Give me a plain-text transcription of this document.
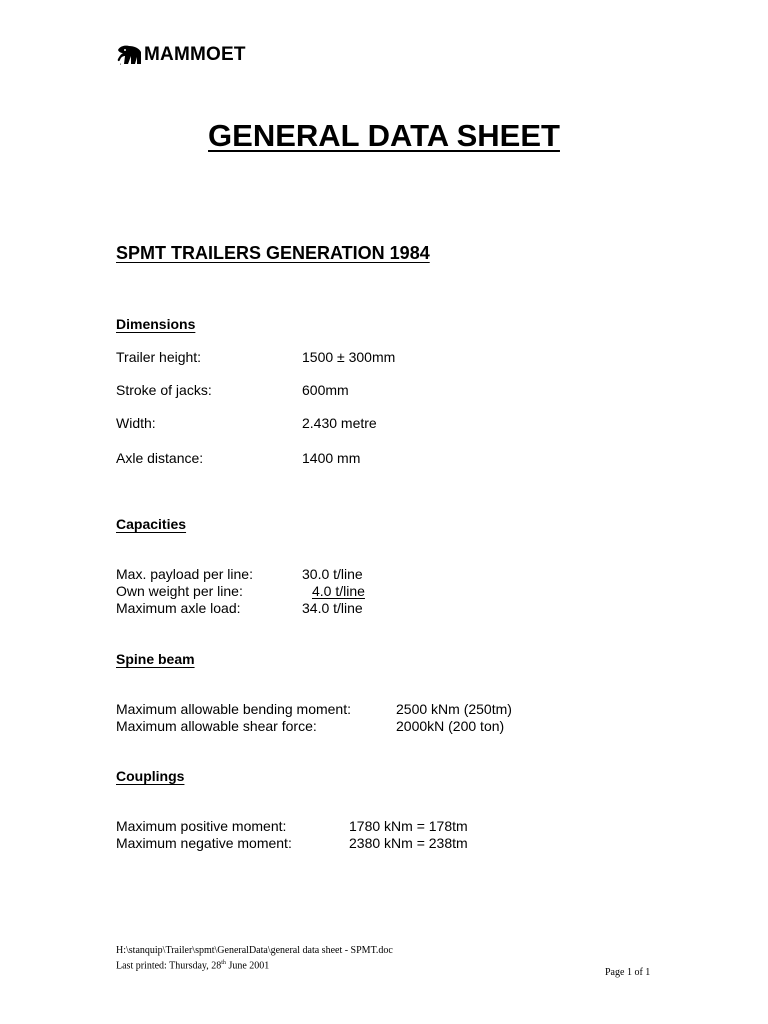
MAMMOET
'
GENERAL DATA SHEET
SPMT TRAILERS GENERATION 1984
Dimensions
Trailer height:	1500 ± 300mm
Stroke of jacks:	600mm
Width:	2.430 metre
Axle distance:	1400 mm
Capacities
Max. payload per line:	30.0 t/line
Own weight per line:	4.0 t/line
Maximum axle load:	34.0 t/line
Spine beam
Maximum allowable bending moment:	2500 kNm (250tm)
Maximum allowable shear force:	2000kN (200 ton)
Couplings
Maximum positive moment:	1780 kNm = 178tm
Maximum negative moment:	2380 kNm = 238tm
H:\stanquip\Trailer\spmt\GeneralData\general data sheet - SPMT.doc
Last printed: Thursday, 28th June 2001
Page 1 of 1
